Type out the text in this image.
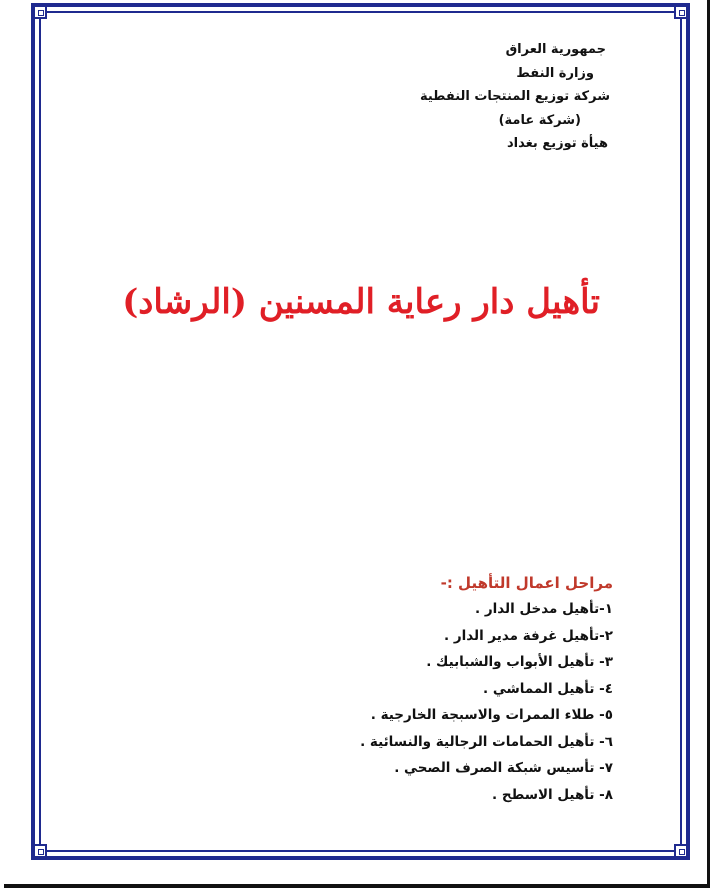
جمهورية العراق
وزارة النفط
شركة توزيع المنتجات النفطية
(شركة عامة)
هيأة توزيع بغداد
تأهيل دار رعاية المسنين (الرشاد)
مراحل اعمال التأهيل :-
١-تأهيل مدخل الدار .
٢-تأهيل غرفة مدير الدار .
٣- تأهيل الأبواب والشبابيك .
٤- تأهيل المماشي .
٥- طلاء الممرات والاسبجة الخارجية .
٦- تأهيل الحمامات الرجالية والنسائية .
٧- تأسيس شبكة الصرف الصحي .
٨- تأهيل الاسطح .
